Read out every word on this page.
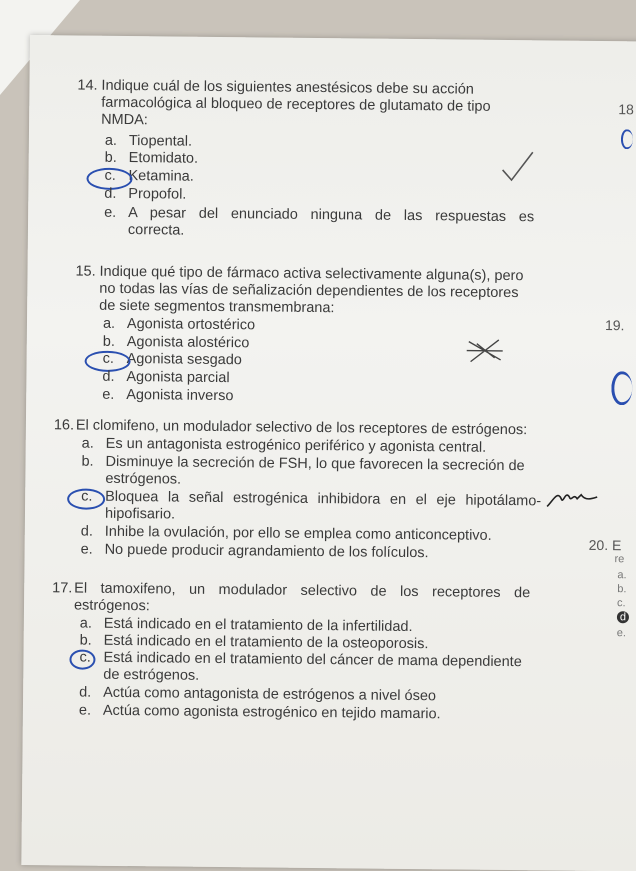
14. Indique cuál de los siguientes anestésicos debe su acción
farmacológica al bloqueo de receptores de glutamato de tipo
NMDA:
a. Tiopental.
b. Etomidato.
c. Ketamina.
d. Propofol.
e. A pesar del enunciado ninguna de las respuestas es
correcta.
15. Indique qué tipo de fármaco activa selectivamente alguna(s), pero
no todas las vías de señalización dependientes de los receptores
de siete segmentos transmembrana:
a. Agonista ortostérico
b. Agonista alostérico
c. Agonista sesgado
d. Agonista parcial
e. Agonista inverso
16. El clomifeno, un modulador selectivo de los receptores de estrógenos:
a. Es un antagonista estrogénico periférico y agonista central.
b. Disminuye la secreción de FSH, lo que favorecen la secreción de
estrógenos.
c. Bloquea la señal estrogénica inhibidora en el eje hipotálamo-
hipofisario.
d. Inhibe la ovulación, por ello se emplea como anticonceptivo.
e. No puede producir agrandamiento de los folículos.
17. El tamoxifeno, un modulador selectivo de los receptores de
estrógenos:
a. Está indicado en el tratamiento de la infertilidad.
b. Está indicado en el tratamiento de la osteoporosis.
c. Está indicado en el tratamiento del cáncer de mama dependiente
de estrógenos.
d. Actúa como antagonista de estrógenos a nivel óseo
e. Actúa como agonista estrogénico en tejido mamario.
18
19.
20. E
re
a.
b.
c.
d
e.
